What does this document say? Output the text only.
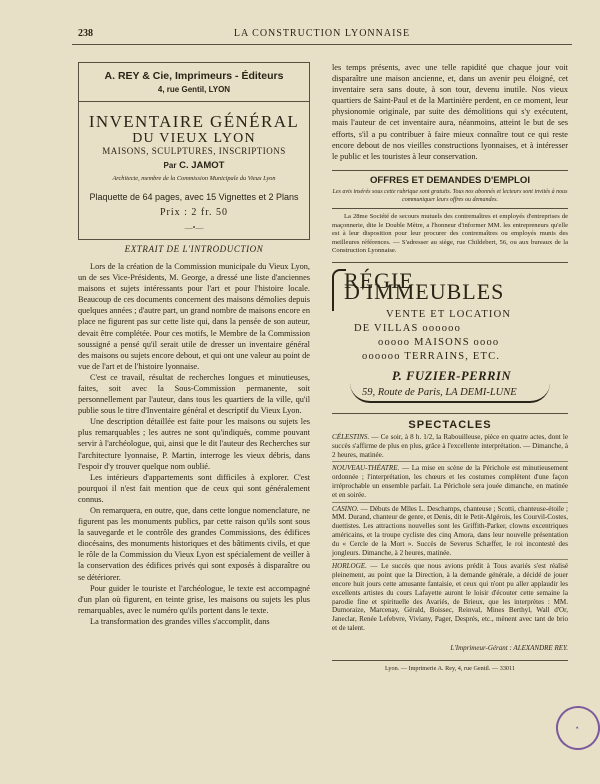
238	LA CONSTRUCTION LYONNAISE
A. REY & Cie, Imprimeurs - Éditeurs
4, rue Gentil, LYON
INVENTAIRE GÉNÉRAL
DU VIEUX LYON
MAISONS, SCULPTURES, INSCRIPTIONS
Par C. JAMOT
Architecte, membre de la Commission Municipale du Vieux Lyon
Plaquette de 64 pages, avec 15 Vignettes et 2 Plans
Prix : 2 fr. 50
—•—
EXTRAIT DE L'INTRODUCTION

Lors de la création de la Commission municipale du Vieux Lyon, un de ses Vice-Présidents, M. George, a dressé une liste d'anciennes maisons et sujets intéressants pour l'art et pour l'histoire locale. Beaucoup de ces documents concernent des maisons démolies depuis quelques années ; d'autre part, un grand nombre de maisons encore en place ne figurent pas sur cette liste qui, dans la pensée de son auteur, devait être complétée. Pour ces motifs, le Membre de la Commission soussigné a pensé qu'il serait utile de dresser un inventaire général des maisons ou sujets encore debout, et qui ont une valeur au point de vue de l'art et de l'histoire lyonnaise.

C'est ce travail, résultat de recherches longues et minutieuses, faites, soit avec la Sous-Commission permanente, soit personnellement par l'auteur, dans tous les quartiers de la ville, qu'il publie sous le titre d'Inventaire général et descriptif du Vieux Lyon.

Une description détaillée est faite pour les maisons ou sujets les plus remarquables ; les autres ne sont qu'indiqués, comme pouvant servir à l'archéologue, qui, ainsi que le dit l'auteur des Recherches sur l'architecture lyonnaise, P. Martin, interroge les vieux débris, dans l'espoir d'y trouver quelque nom oublié.

Les intérieurs d'appartements sont difficiles à explorer. C'est pourquoi il n'est fait mention que de ceux qui sont généralement connus.

On remarquera, en outre, que, dans cette longue nomenclature, ne figurent pas les monuments publics, par cette raison qu'ils sont sous la sauvegarde et le contrôle des grandes Commissions, des édifices diocésains, des monuments historiques et des bâtiments civils, et que le rôle de la Commission du Vieux Lyon est spécialement de veiller à la conservation des édifices privés qui sont exposés à disparaître ou se détériorer.

Pour guider le touriste et l'archéologue, le texte est accompagné d'un plan où figurent, en teinte grise, les maisons ou sujets les plus remarquables, avec le numéro qu'ils portent dans le texte.

La transformation des grandes villes s'accomplit, dans

les temps présents, avec une telle rapidité que chaque jour voit disparaître une maison ancienne, et, dans un avenir peu éloigné, cet inventaire sera sans doute, à son tour, devenu inutile. Nos vieux quartiers de Saint-Paul et de la Martinière perdent, en ce moment, leur physionomie originale, par suite des démolitions qui s'y exécutent, mais l'auteur de cet inventaire aura, néanmoins, atteint le but de ses efforts, s'il a pu contribuer à faire mieux connaître tout ce qui reste encore debout de nos vieilles constructions lyonnaises, et à intéresser le public et les touristes à leur conservation.

OFFRES ET DEMANDES D'EMPLOI
Les avis insérés sous cette rubrique sont gratuits. Tous nos abonnés et lecteurs sont invités à nous communiquer leurs offres ou demandes.

La 28me Société de secours mutuels des contremaîtres et employés d'entreprises de maçonnerie, dite le Double Mètre, a l'honneur d'informer MM. les entrepreneurs qu'elle est à leur disposition pour leur procurer des contremaîtres ou employés munis des meilleures références. — S'adresser au siège, rue Childebert, 56, ou aux bureaux de la Construction Lyonnaise.

RÉGIE D'IMMEUBLES
VENTE ET LOCATION
DE VILLAS oooooo
ooooo MAISONS oooo
oooooo TERRAINS, ETC.
P. FUZIER-PERRIN
59, Route de Paris, LA DEMI-LUNE
SPECTACLES

CÉLESTINS. — Ce soir, à 8 h. 1/2, la Rabouilleuse, pièce en quatre actes, dont le succès s'affirme de plus en plus, grâce à l'excellente interprétation. — Dimanche, à 2 heures, matinée.

NOUVEAU-THÉATRE. — La mise en scène de la Périchole est minutieusement ordonnée ; l'interprétation, les chœurs et les costumes complètent d'une façon irréprochable un ensemble parfait. La Périchole sera jouée dimanche, en matinée et en soirée.

CASINO. — Débuts de Mlles L. Deschamps, chanteuse ; Scotti, chanteuse-étoile ; MM. Durand, chanteur de genre, et Denis, dit le Petit-Algérois, les Courvil-Costes, duettistes. Les attractions nouvelles sont les Griffith-Parker, clowns excentriques américains, et la troupe cycliste des cinq Amora, dans leur nouvelle présentation du « Cercle de la Mort ». Succès de Severus Schæffer, le roi incontesté des jongleurs. Dimanche, à 2 heures, matinée.

HORLOGE. — Le succès que nous avions prédit à Tous avariés s'est réalisé pleinement, au point que la Direction, à la demande générale, a décidé de jouer encore huit jours cette amusante fantaisie, et ceux qui n'ont pu aller applaudir les excellents artistes du cours Lafayette auront le loisir d'écouter cette semaine la parodie fine et spirituelle des Avariés, de Brieux, que les interprètes : MM. Dumoraize, Marcenay, Gérald, Boissec, Reinval, Mines Berthyl, Wall d'Or, Janeclar, Renée Lefebvre, Viviany, Pager, Després, etc., mènent avec tant de brio et de talent.

L'Imprimeur-Gérant : ALEXANDRE REY.
Lyon. — Imprimerie A. Rey, 4, rue Gentil. — 33011
✦
